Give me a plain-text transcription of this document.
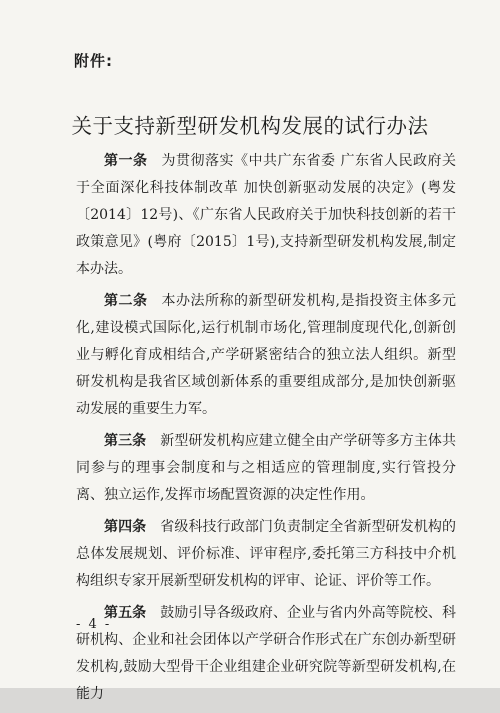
附件:
关于支持新型研发机构发展的试行办法

第一条 为贯彻落实《中共广东省委 广东省人民政府关于全面深化科技体制改革 加快创新驱动发展的决定》(粤发〔2014〕12号)、《广东省人民政府关于加快科技创新的若干政策意见》(粤府〔2015〕1号),支持新型研发机构发展,制定本办法。

第二条 本办法所称的新型研发机构,是指投资主体多元化,建设模式国际化,运行机制市场化,管理制度现代化,创新创业与孵化育成相结合,产学研紧密结合的独立法人组织。新型研发机构是我省区域创新体系的重要组成部分,是加快创新驱动发展的重要生力军。

第三条 新型研发机构应建立健全由产学研等多方主体共同参与的理事会制度和与之相适应的管理制度,实行管投分离、独立运作,发挥市场配置资源的决定性作用。

第四条 省级科技行政部门负责制定全省新型研发机构的总体发展规划、评价标准、评审程序,委托第三方科技中介机构组织专家开展新型研发机构的评审、论证、评价等工作。

第五条 鼓励引导各级政府、企业与省内外高等院校、科研机构、企业和社会团体以产学研合作形式在广东创办新型研发机构,鼓励大型骨干企业组建企业研究院等新型研发机构,在能力

- 4 -
